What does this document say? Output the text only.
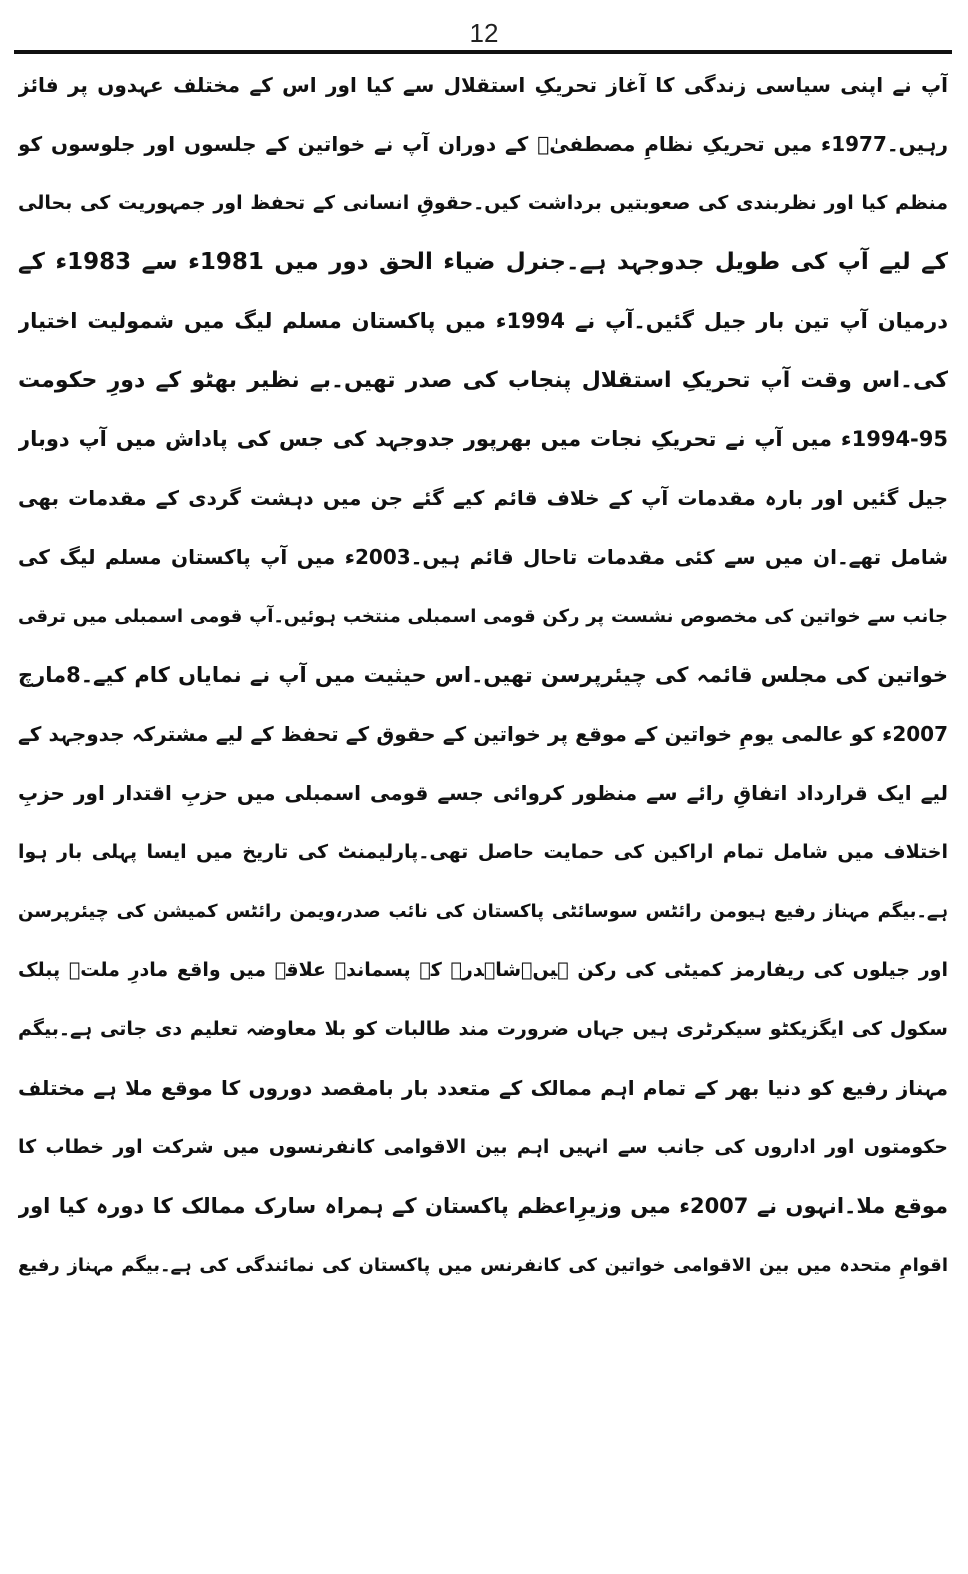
12
آپ نے اپنی سیاسی زندگی کا آغاز تحریکِ استقلال سے کیا اور اس کے مختلف عہدوں پر فائز
رہیں۔1977ء میں تحریکِ نظامِ مصطفیٰؐ کے دوران آپ نے خواتین کے جلسوں اور جلوسوں کو
منظم کیا اور نظربندی کی صعوبتیں برداشت کیں۔حقوقِ انسانی کے تحفظ اور جمہوریت کی بحالی
کے لیے آپ کی طویل جدوجہد ہے۔جنرل ضیاء الحق دور میں 1981ء سے 1983ء کے
درمیان آپ تین بار جیل گئیں۔آپ نے 1994ء میں پاکستان مسلم لیگ میں شمولیت اختیار
کی۔اس وقت آپ تحریکِ استقلال پنجاب کی صدر تھیں۔بے نظیر بھٹو کے دورِ حکومت
1994-95ء میں آپ نے تحریکِ نجات میں بھرپور جدوجہد کی جس کی پاداش میں آپ دوبار
جیل گئیں اور بارہ مقدمات آپ کے خلاف قائم کیے گئے جن میں دہشت گردی کے مقدمات بھی
شامل تھے۔ان میں سے کئی مقدمات تاحال قائم ہیں۔2003ء میں آپ پاکستان مسلم لیگ کی
جانب سے خواتین کی مخصوص نشست پر رکن قومی اسمبلی منتخب ہوئیں۔آپ قومی اسمبلی میں ترقی
خواتین کی مجلس قائمہ کی چیئرپرسن تھیں۔اس حیثیت میں آپ نے نمایاں کام کیے۔8مارچ
2007ء کو عالمی یومِ خواتین کے موقع پر خواتین کے حقوق کے تحفظ کے لیے مشترکہ جدوجہد کے
لیے ایک قرارداد اتفاقِ رائے سے منظور کروائی جسے قومی اسمبلی میں حزبِ اقتدار اور حزبِ
اختلاف میں شامل تمام اراکین کی حمایت حاصل تھی۔پارلیمنٹ کی تاریخ میں ایسا پہلی بار ہوا
ہے۔بیگم مہناز رفیع ہیومن رائٹس سوسائٹی پاکستان کی نائب صدر،ویمن رائٹس کمیشن کی چیئرپرسن
اور جیلوں کی ریفارمز کمیٹی کی رکن ہیں۔شاہدرہ کے پسماندہ علاقے میں واقع مادرِ ملتؒ پبلک
سکول کی ایگزیکٹو سیکرٹری ہیں جہاں ضرورت مند طالبات کو بلا معاوضہ تعلیم دی جاتی ہے۔بیگم
مہناز رفیع کو دنیا بھر کے تمام اہم ممالک کے متعدد بار بامقصد دوروں کا موقع ملا ہے مختلف
حکومتوں اور اداروں کی جانب سے انہیں اہم بین الاقوامی کانفرنسوں میں شرکت اور خطاب کا
موقع ملا۔انہوں نے 2007ء میں وزیرِاعظم پاکستان کے ہمراہ سارک ممالک کا دورہ کیا اور
اقوامِ متحدہ میں بین الاقوامی خواتین کی کانفرنس میں پاکستان کی نمائندگی کی ہے۔بیگم مہناز رفیع
